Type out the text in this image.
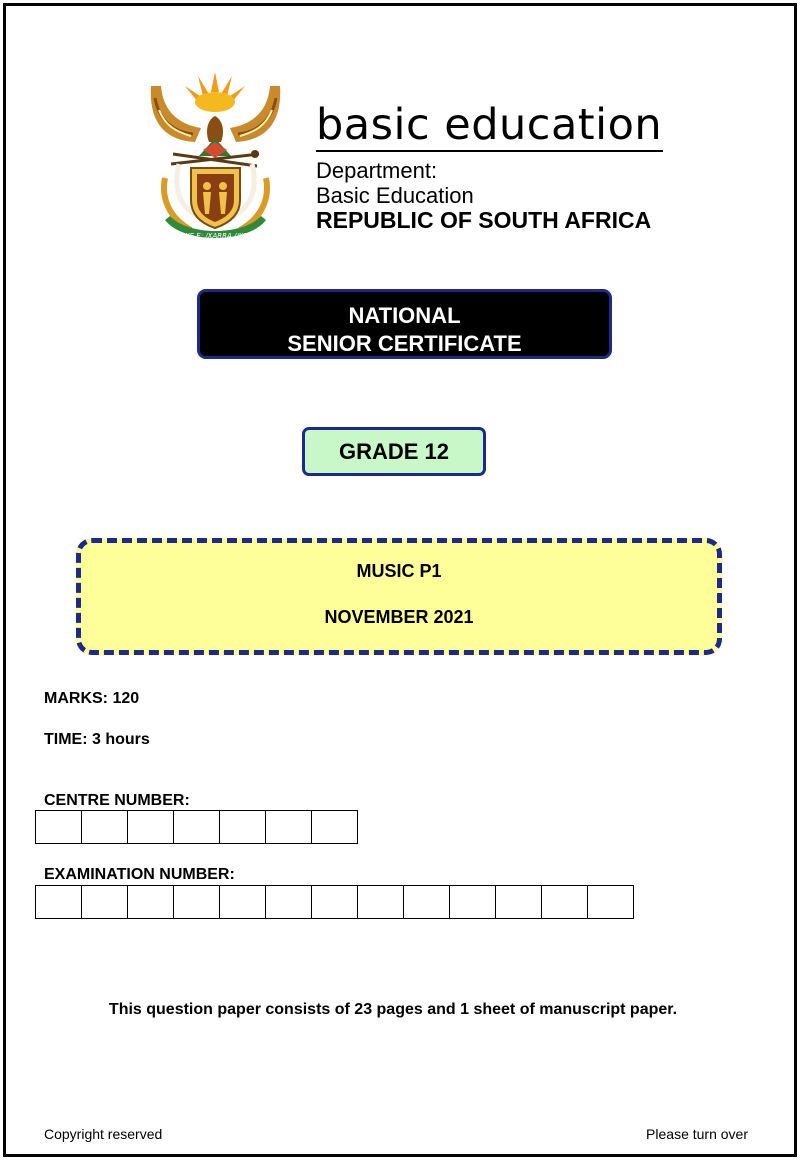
!KE E: /XARRA //KE
basic education
Department:
Basic Education
REPUBLIC OF SOUTH AFRICA
NATIONAL
SENIOR CERTIFICATE
GRADE 12
MUSIC P1
NOVEMBER 2021
MARKS: 120
TIME: 3 hours
CENTRE NUMBER:
EXAMINATION NUMBER:
This question paper consists of 23 pages and 1 sheet of manuscript paper.
Copyright reserved	Please turn over
